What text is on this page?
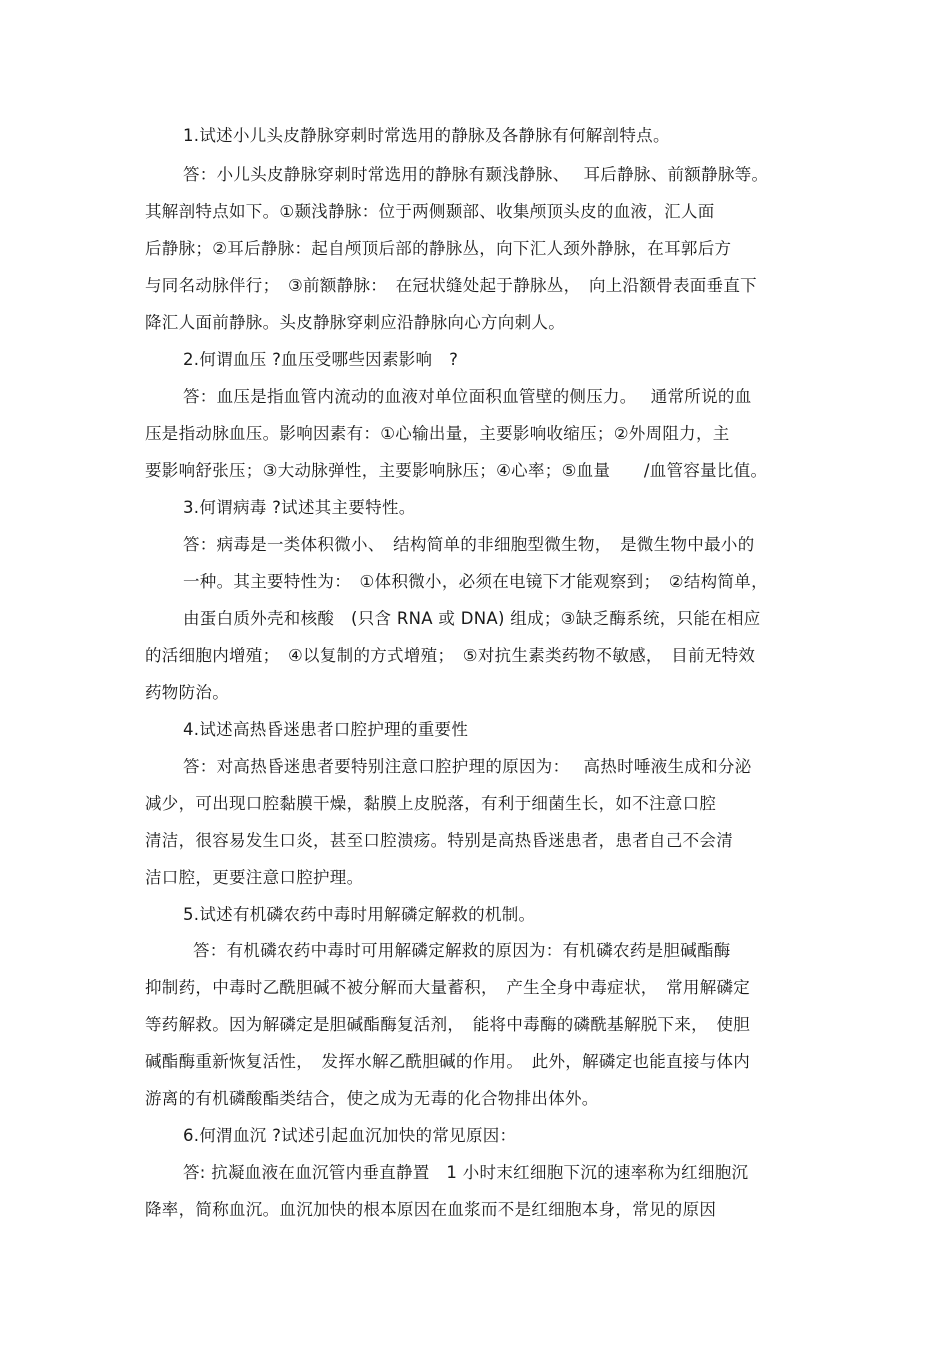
1.试述小儿头皮静脉穿刺时常选用的静脉及各静脉有何解剖特点。
答：小儿头皮静脉穿刺时常选用的静脉有颞浅静脉、　 耳后静脉、前额静脉等。
其解剖特点如下。①颞浅静脉：位于两侧颞部、收集颅顶头皮的血液，汇人面
后静脉；②耳后静脉：起自颅顶后部的静脉丛，向下汇人颈外静脉，在耳郭后方
与同名动脉伴行；　③前额静脉：　在冠状缝处起于静脉丛，　向上沿额骨表面垂直下
降汇人面前静脉。头皮静脉穿刺应沿静脉向心方向刺人。
2.何谓血压 ?血压受哪些因素影响　?
答：血压是指血管内流动的血液对单位面积血管壁的侧压力。　 通常所说的血
压是指动脉血压。影响因素有：①心输出量，主要影响收缩压；②外周阻力，主
要影响舒张压；③大动脉弹性，主要影响脉压；④心率；⑤血量　　/血管容量比值。
3.何谓病毒 ?试述其主要特性。
答：病毒是一类体积微小、　结构简单的非细胞型微生物，　是微生物中最小的
一种。其主要特性为：　①体积微小，必须在电镜下才能观察到；　②结构简单，
由蛋白质外壳和核酸　(只含 RNA 或 DNA) 组成；③缺乏酶系统，只能在相应
的活细胞内增殖；　④以复制的方式增殖；　⑤对抗生素类药物不敏感，　目前无特效
药物防治。
4.试述高热昏迷患者口腔护理的重要性
答：对高热昏迷患者要特别注意口腔护理的原因为：　 高热时唾液生成和分泌
减少，可出现口腔黏膜干燥，黏膜上皮脱落，有利于细菌生长，如不注意口腔
清洁，很容易发生口炎，甚至口腔溃疡。特别是高热昏迷患者，患者自己不会清
洁口腔，更要注意口腔护理。
5.试述有机磷农药中毒时用解磷定解救的机制。
答：有机磷农药中毒时可用解磷定解救的原因为：有机磷农药是胆碱酯酶
抑制药，中毒时乙酰胆碱不被分解而大量蓄积，　产生全身中毒症状，　常用解磷定
等药解救。因为解磷定是胆碱酯酶复活剂，　能将中毒酶的磷酰基解脱下来，　使胆
碱酯酶重新恢复活性，　发挥水解乙酰胆碱的作用。　此外，解磷定也能直接与体内
游离的有机磷酸酯类结合，使之成为无毒的化合物排出体外。
6.何渭血沉 ?试述引起血沉加快的常见原因：
答: 抗凝血液在血沉管内垂直静置　1 小时末红细胞下沉的速率称为红细胞沉
降率，简称血沉。血沉加快的根本原因在血浆而不是红细胞本身，常见的原因
